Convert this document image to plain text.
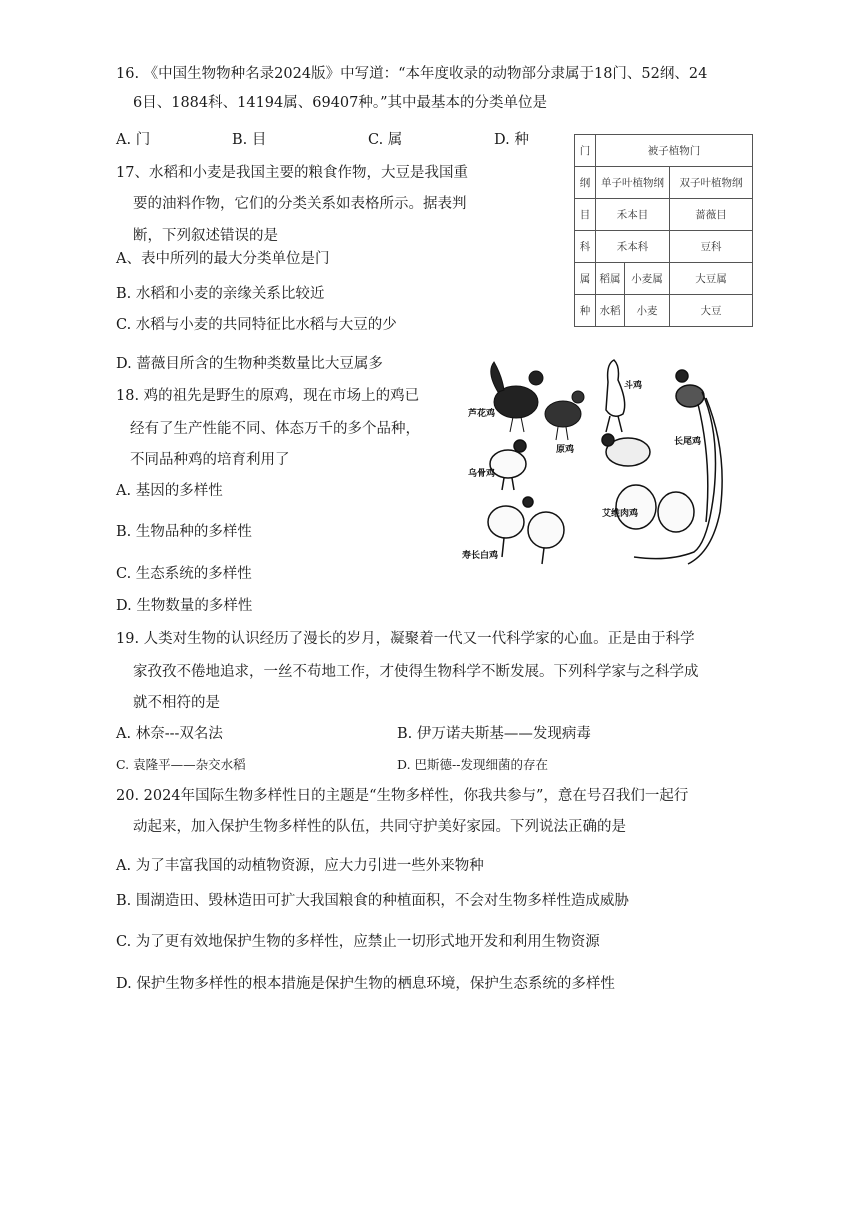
16. 《中国生物物种名录2024版》中写道：“本年度收录的动物部分隶属于18门、52纲、24
6目、1884科、14194属、69407种。”其中最基本的分类单位是
A. 门	B. 目	C. 属	D. 种
17、水稻和小麦是我国主要的粮食作物，大豆是我国重
要的油料作物，它们的分类关系如表格所示。据表判
断，下列叙述错误的是
A、表中所列的最大分类单位是门
B. 水稻和小麦的亲缘关系比较近
C. 水稻与小麦的共同特征比水稻与大豆的少
D. 蔷薇目所含的生物种类数量比大豆属多
门	被子植物门		
纲	单子叶植物纲		双子叶植物纲
目	禾本目		蔷薇目
科	禾本科		豆科
属	稻属	小麦属	大豆属
种	水稻	小麦	大豆
18. 鸡的祖先是野生的原鸡，现在市场上的鸡已
经有了生产性能不同、体态万千的多个品种，
不同品种鸡的培育利用了
A. 基因的多样性
B. 生物品种的多样性
C. 生态系统的多样性
D. 生物数量的多样性
芦花鸡
原鸡
斗鸡
长尾鸡
乌骨鸡
艾维肉鸡
寿长白鸡
19. 人类对生物的认识经历了漫长的岁月，凝聚着一代又一代科学家的心血。正是由于科学
家孜孜不倦地追求，一丝不苟地工作，才使得生物科学不断发展。下列科学家与之科学成
就不相符的是
A. 林奈---双名法	B. 伊万诺夫斯基——发现病毒
C. 袁隆平——杂交水稻	D. 巴斯德--发现细菌的存在
20. 2024年国际生物多样性日的主题是“生物多样性，你我共参与”，意在号召我们一起行
动起来，加入保护生物多样性的队伍，共同守护美好家园。下列说法正确的是
A. 为了丰富我国的动植物资源，应大力引进一些外来物种
B. 围湖造田、毁林造田可扩大我国粮食的种植面积，不会对生物多样性造成威胁
C. 为了更有效地保护生物的多样性，应禁止一切形式地开发和利用生物资源
D. 保护生物多样性的根本措施是保护生物的栖息环境，保护生态系统的多样性
